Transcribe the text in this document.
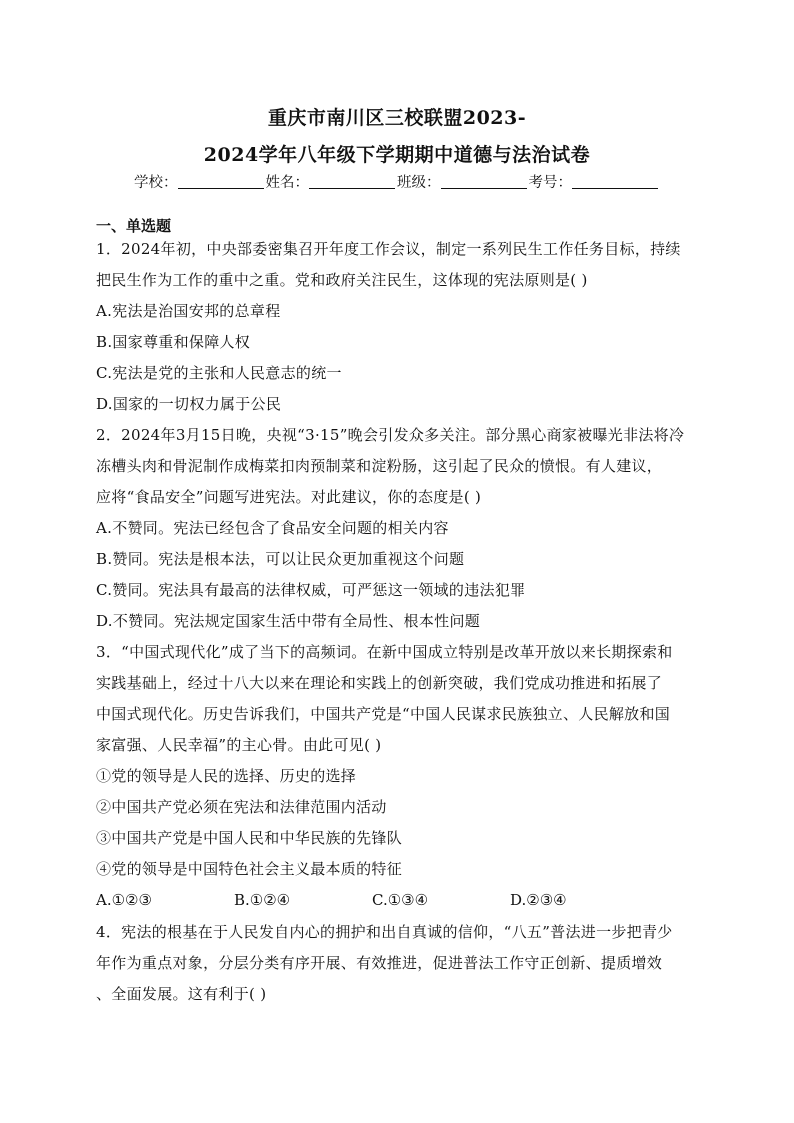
重庆市南川区三校联盟2023-
2024学年八年级下学期期中道德与法治试卷
学校：	姓名：	班级：	考号：
一、单选题
1．2024年初，中央部委密集召开年度工作会议，制定一系列民生工作任务目标，持续
把民生作为工作的重中之重。党和政府关注民生，这体现的宪法原则是( )
A.宪法是治国安邦的总章程
B.国家尊重和保障人权
C.宪法是党的主张和人民意志的统一
D.国家的一切权力属于公民
2．2024年3月15日晚，央视“3·15”晚会引发众多关注。部分黑心商家被曝光非法将冷
冻槽头肉和骨泥制作成梅菜扣肉预制菜和淀粉肠，这引起了民众的愤恨。有人建议，
应将“食品安全”问题写进宪法。对此建议，你的态度是( )
A.不赞同。宪法已经包含了食品安全问题的相关内容
B.赞同。宪法是根本法，可以让民众更加重视这个问题
C.赞同。宪法具有最高的法律权威，可严惩这一领域的违法犯罪
D.不赞同。宪法规定国家生活中带有全局性、根本性问题
3．“中国式现代化”成了当下的高频词。在新中国成立特别是改革开放以来长期探索和
实践基础上，经过十八大以来在理论和实践上的创新突破，我们党成功推进和拓展了
中国式现代化。历史告诉我们，中国共产党是“中国人民谋求民族独立、人民解放和国
家富强、人民幸福”的主心骨。由此可见( )
①党的领导是人民的选择、历史的选择
②中国共产党必须在宪法和法律范围内活动
③中国共产党是中国人民和中华民族的先锋队
④党的领导是中国特色社会主义最本质的特征
A.①②③	B.①②④	C.①③④	D.②③④
4．宪法的根基在于人民发自内心的拥护和出自真诚的信仰，“八五”普法进一步把青少
年作为重点对象，分层分类有序开展、有效推进，促进普法工作守正创新、提质增效
、全面发展。这有利于( )
